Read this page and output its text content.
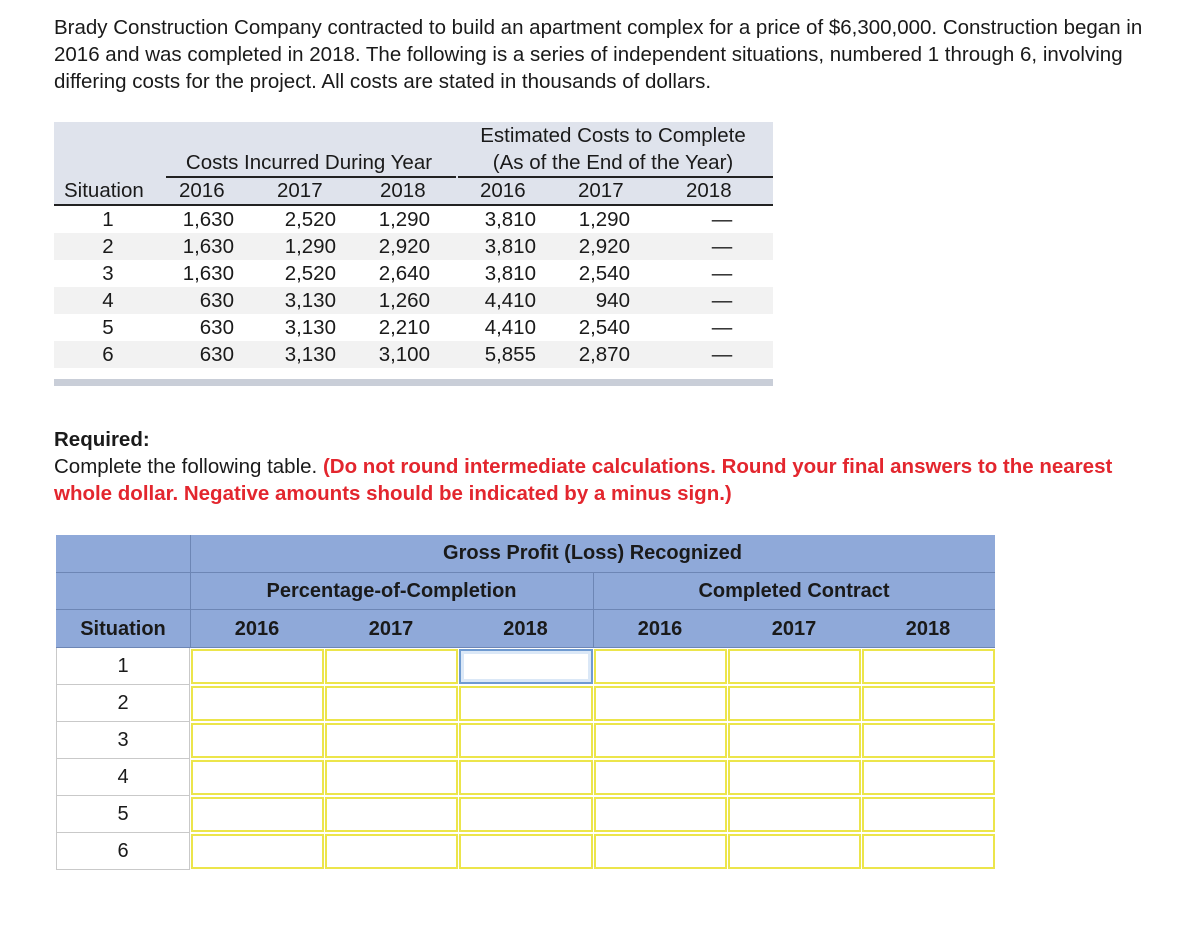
Brady Construction Company contracted to build an apartment complex for a price of $6,300,000. Construction began in 2016 and was completed in 2018. The following is a series of independent situations, numbered 1 through 6, involving differing costs for the project. All costs are stated in thousands of dollars.

Costs Incurred During Year
Estimated Costs to Complete
(As of the End of the Year)
Situation 2016	2017	2018	2016	2017	2018
1	1,630	2,520	1,290	3,810	1,290	—
2	1,630	1,290	2,920	3,810	2,920	—
3	1,630	2,520	2,640	3,810	2,540	—
4	630	3,130	1,260	4,410	940	—
5	630	3,130	2,210	4,410	2,540	—
6	630	3,130	3,100	5,855	2,870	—

Required:

Complete the following table. (Do not round intermediate calculations. Round your final answers to the nearest whole dollar. Negative amounts should be indicated by a minus sign.)

Gross Profit (Loss) Recognized
Percentage-of-Completion	Completed Contract
Situation	2016	2017	2018	2016	2017	2018
1
2
3
4
5
6
